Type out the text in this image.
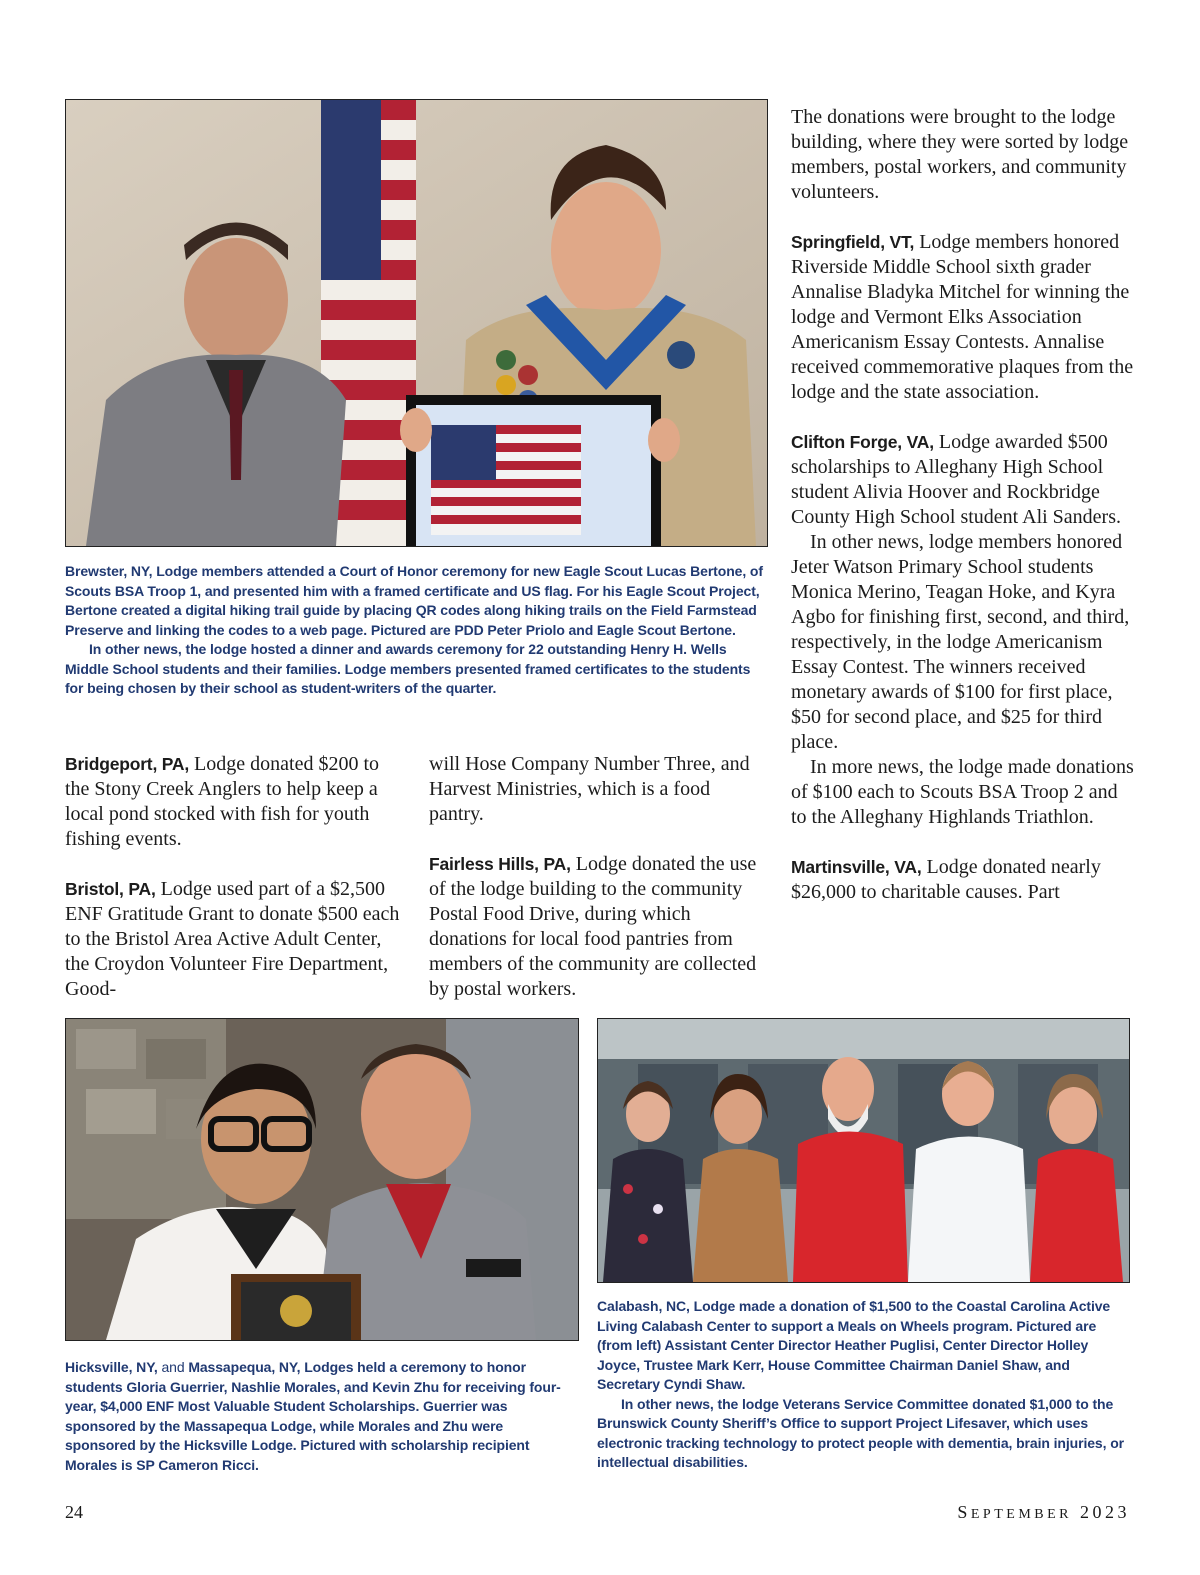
Brewster, NY, Lodge members attended a Court of Honor ceremony for new Eagle Scout Lucas Bertone, of Scouts BSA Troop 1, and presented him with a framed certificate and US flag. For his Eagle Scout Project, Bertone created a digital hiking trail guide by placing QR codes along hiking trails on the Field Farmstead Preserve and linking the codes to a web page. Pictured are PDD Peter Priolo and Eagle Scout Bertone.

In other news, the lodge hosted a dinner and awards ceremony for 22 outstanding Henry H. Wells Middle School students and their families. Lodge members presented framed certificates to the students for being chosen by their school as student-writers of the quarter.

Bridgeport, PA, Lodge donated $200 to the Stony Creek Anglers to help keep a local pond stocked with fish for youth fishing events.

Bristol, PA, Lodge used part of a $2,500 ENF Gratitude Grant to donate $500 each to the Bristol Area Active Adult Center, the Croydon Volunteer Fire Department, Good-

will Hose Company Number Three, and Harvest Ministries, which is a food pantry.

Fairless Hills, PA, Lodge donated the use of the lodge building to the community Postal Food Drive, during which donations for local food pantries from members of the community are collected by postal workers.

The donations were brought to the lodge building, where they were sorted by lodge members, postal workers, and community volunteers.

Springfield, VT, Lodge members honored Riverside Middle School sixth grader Annalise Bladyka Mitchel for winning the lodge and Vermont Elks Association Americanism Essay Contests. Annalise received commemorative plaques from the lodge and the state association.

Clifton Forge, VA, Lodge awarded $500 scholarships to Alleghany High School student Alivia Hoover and Rockbridge County High School student Ali Sanders.

In other news, lodge members honored Jeter Watson Primary School students Monica Merino, Teagan Hoke, and Kyra Agbo for finishing first, second, and third, respectively, in the lodge Americanism Essay Contest. The winners received monetary awards of $100 for first place, $50 for second place, and $25 for third place.

In more news, the lodge made donations of $100 each to Scouts BSA Troop 2 and to the Alleghany Highlands Triathlon.

Martinsville, VA, Lodge donated nearly $26,000 to charitable causes. Part

Hicksville, NY, and Massapequa, NY, Lodges held a ceremony to honor students Gloria Guerrier, Nashlie Morales, and Kevin Zhu for receiving four-year, $4,000 ENF Most Valuable Student Scholarships. Guerrier was sponsored by the Massapequa Lodge, while Morales and Zhu were sponsored by the Hicksville Lodge. Pictured with scholarship recipient Morales is SP Cameron Ricci.

Calabash, NC, Lodge made a donation of $1,500 to the Coastal Carolina Active Living Calabash Center to support a Meals on Wheels program. Pictured are (from left) Assistant Center Director Heather Puglisi, Center Director Holley Joyce, Trustee Mark Kerr, House Committee Chairman Daniel Shaw, and Secretary Cyndi Shaw.

In other news, the lodge Veterans Service Committee donated $1,000 to the Brunswick County Sheriff’s Office to support Project Lifesaver, which uses electronic tracking technology to protect people with dementia, brain injuries, or intellectual disabilities.

24	SEPTEMBER 2023
